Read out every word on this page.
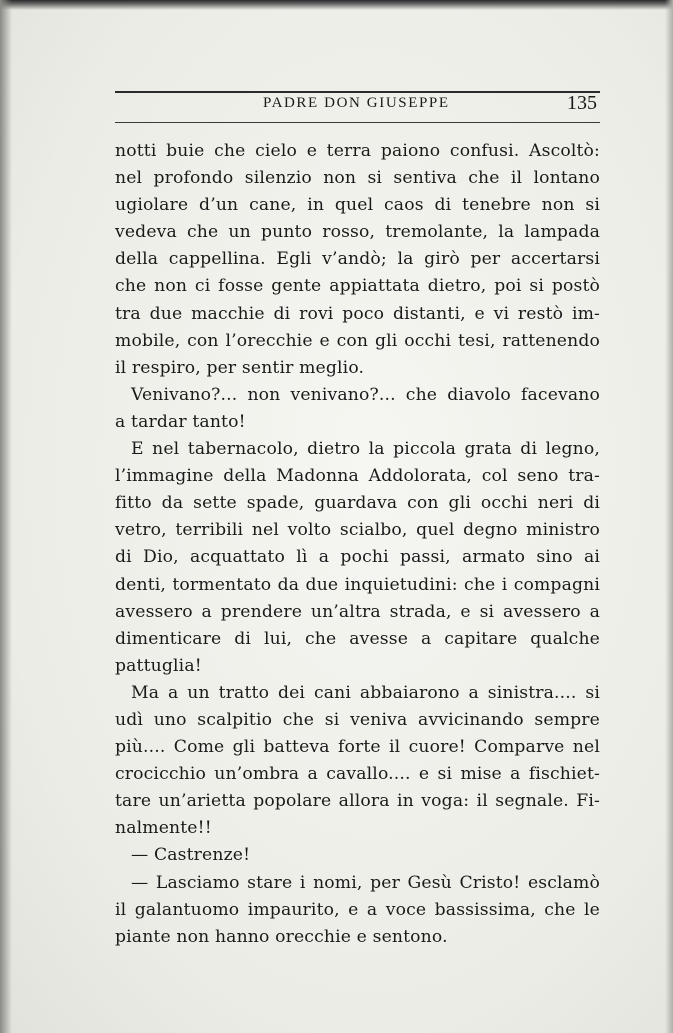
PADRE DON GIUSEPPE	135
notti buie che cielo e terra paiono confusi. Ascoltò:
nel profondo silenzio non si sentiva che il lontano
ugiolare d’un cane, in quel caos di tenebre non si
vedeva che un punto rosso, tremolante, la lampada
della cappellina. Egli v’andò; la girò per accertarsi
che non ci fosse gente appiattata dietro, poi si postò
tra due macchie di rovi poco distanti, e vi restò im-
mobile, con l’orecchie e con gli occhi tesi, rattenendo
il respiro, per sentir meglio.
Venivano?... non venivano?... che diavolo facevano
a tardar tanto!
E nel tabernacolo, dietro la piccola grata di legno,
l’immagine della Madonna Addolorata, col seno tra-
fitto da sette spade, guardava con gli occhi neri di
vetro, terribili nel volto scialbo, quel degno ministro
di Dio, acquattato lì a pochi passi, armato sino ai
denti, tormentato da due inquietudini: che i compagni
avessero a prendere un’altra strada, e si avessero a
dimenticare di lui, che avesse a capitare qualche
pattuglia!
Ma a un tratto dei cani abbaiarono a sinistra.... si
udì uno scalpitio che si veniva avvicinando sempre
più.... Come gli batteva forte il cuore! Comparve nel
crocicchio un’ombra a cavallo.... e si mise a fischiet-
tare un’arietta popolare allora in voga: il segnale. Fi-
nalmente!!
— Castrenze!
— Lasciamo stare i nomi, per Gesù Cristo! esclamò
il galantuomo impaurito, e a voce bassissima, che le
piante non hanno orecchie e sentono.
